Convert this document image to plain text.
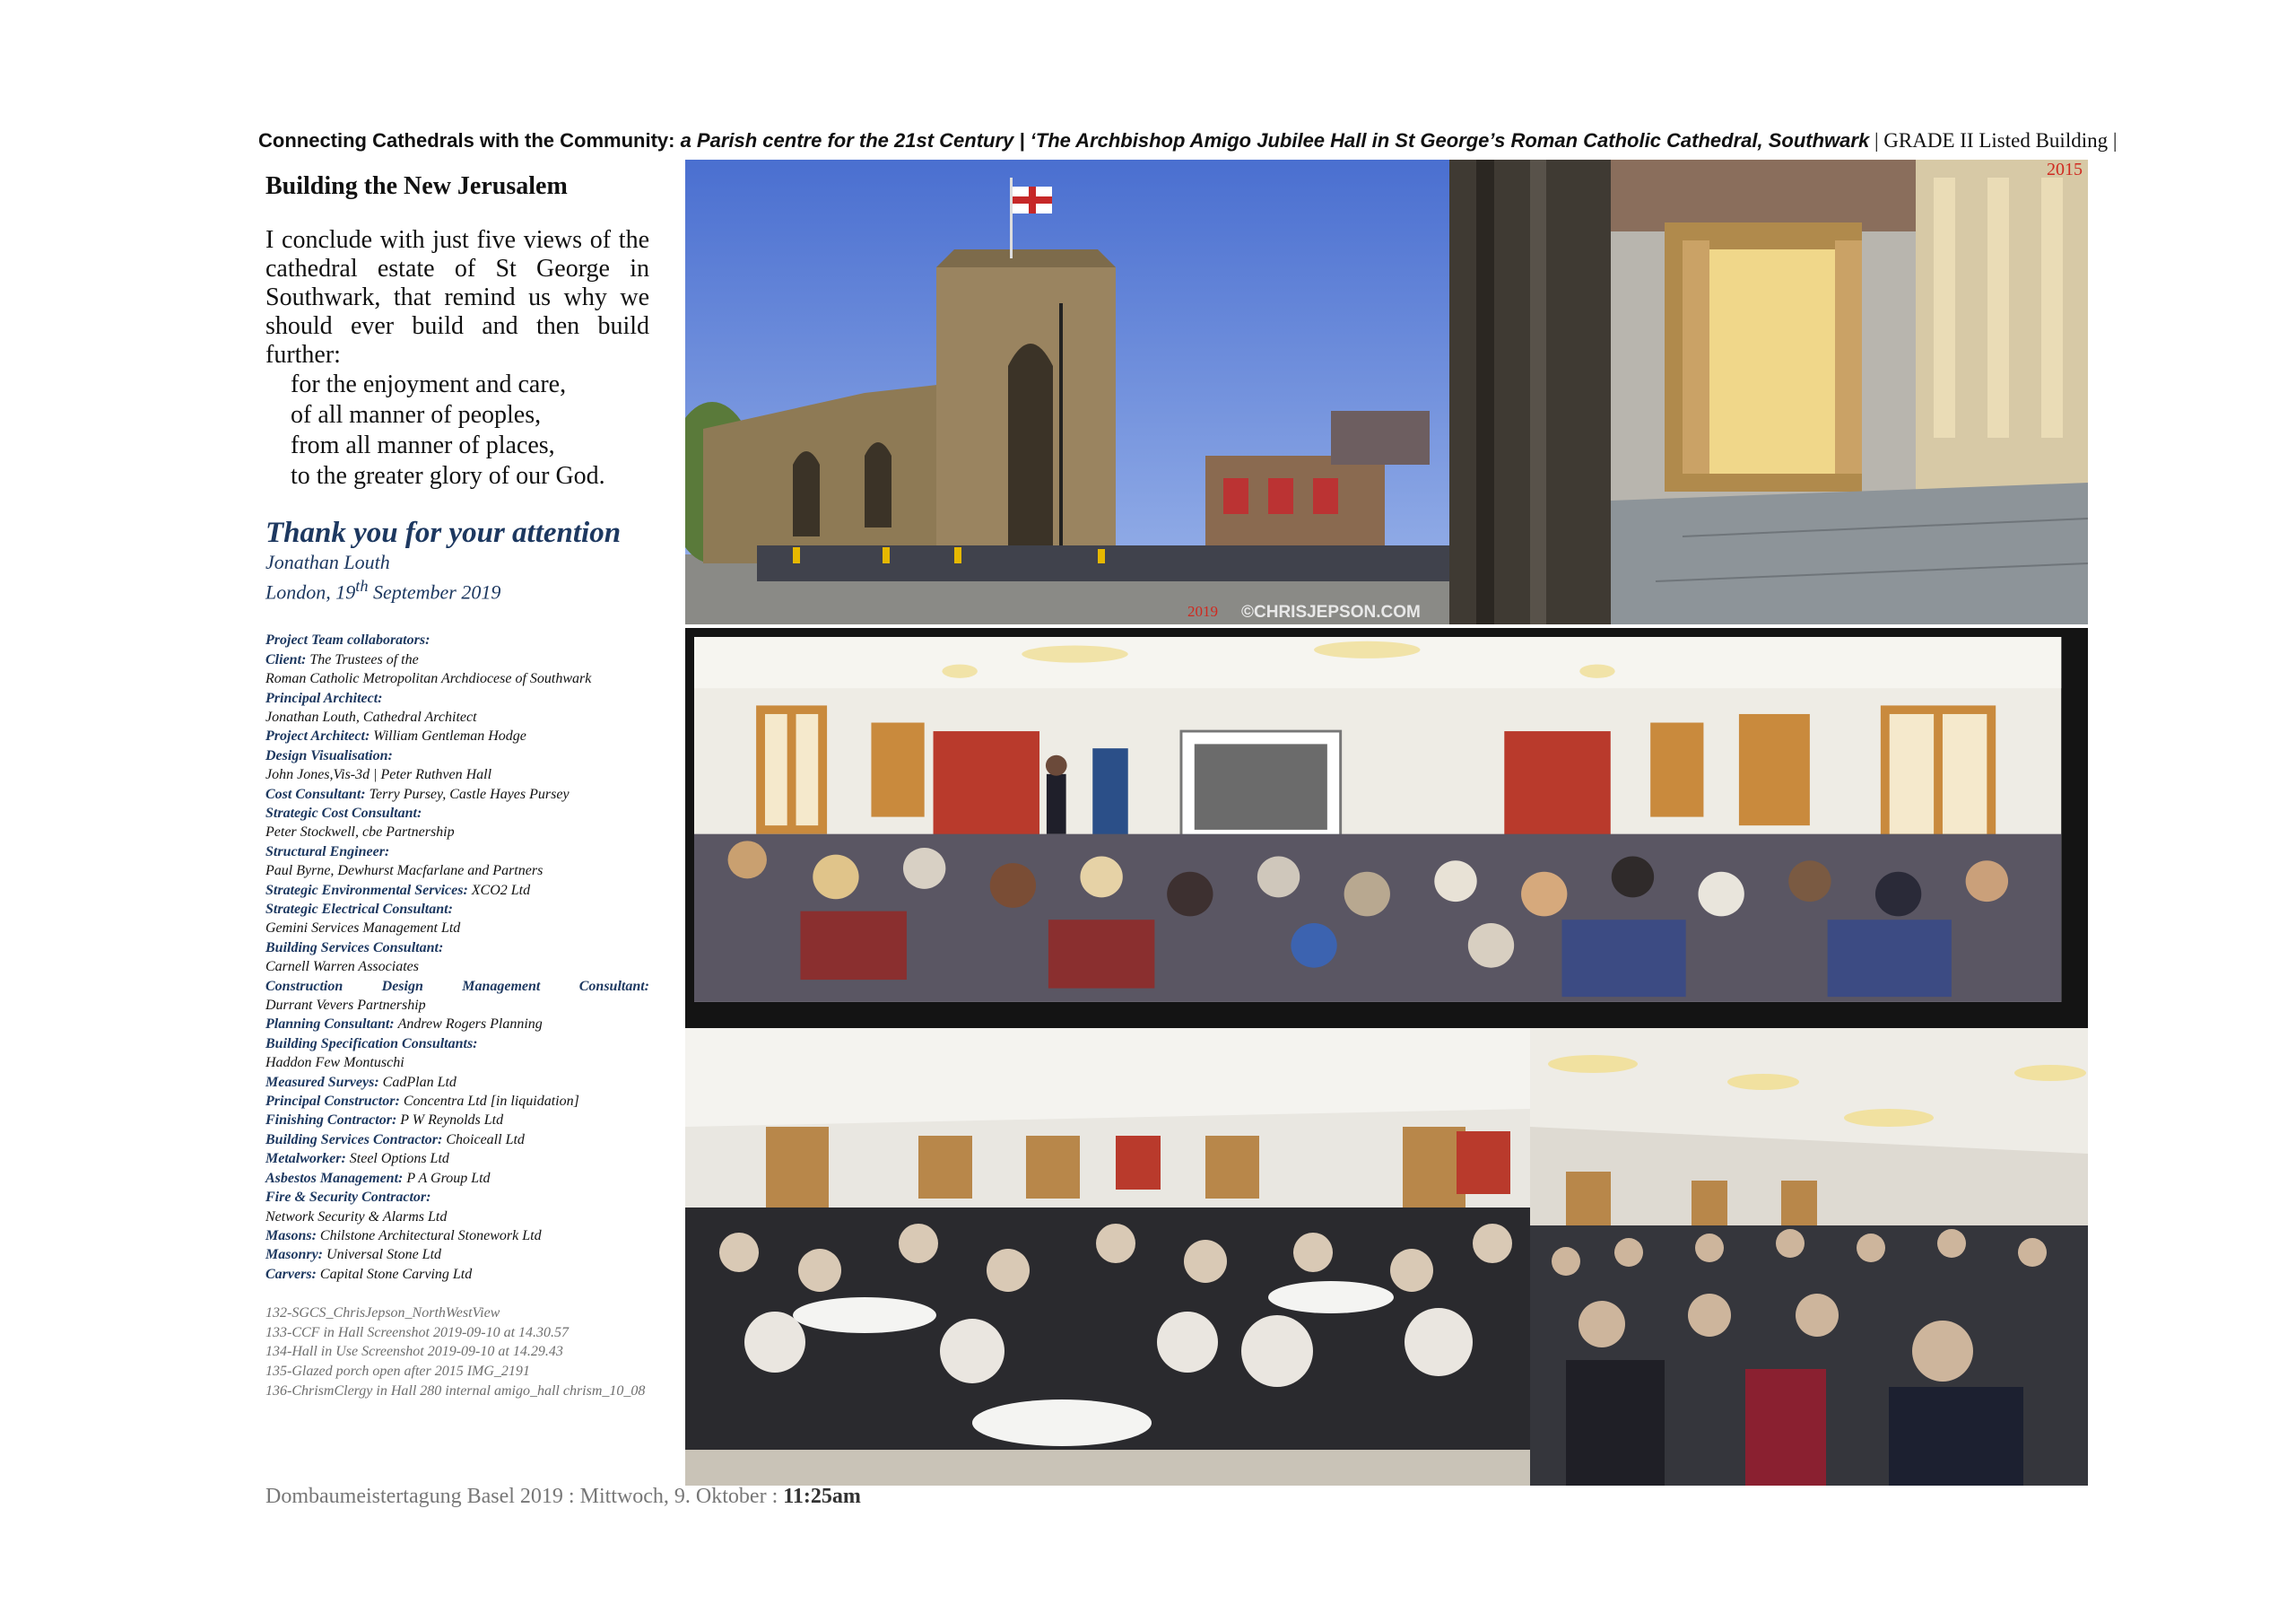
Connecting Cathedrals with the Community: a Parish centre for the 21st Century | ‘The Archbishop Amigo Jubilee Hall in St George’s Roman Catholic Cathedral, Southwark | GRADE II Listed Building |
Building the New Jerusalem

I conclude with just five views of the cathedral estate of St George in Southwark, that remind us why we should ever build and then build further:

for the enjoyment and care,
of all manner of peoples,
from all manner of places,
to the greater glory of our God.
Thank you for your attention
Jonathan Louth
London, 19th September 2019
Project Team collaborators:
Client: The Trustees of the
Roman Catholic Metropolitan Archdiocese of Southwark
Principal Architect:
Jonathan Louth, Cathedral Architect
Project Architect: William Gentleman Hodge
Design Visualisation:
John Jones,Vis-3d | Peter Ruthven Hall
Cost Consultant: Terry Pursey, Castle Hayes Pursey
Strategic Cost Consultant:
Peter Stockwell, cbe Partnership
Structural Engineer:
Paul Byrne, Dewhurst Macfarlane and Partners
Strategic Environmental Services: XCO2 Ltd
Strategic Electrical Consultant:
Gemini Services Management Ltd
Building Services Consultant:
Carnell Warren Associates
Construction Design Management Consultant:
Durrant Vevers Partnership
Planning Consultant: Andrew Rogers Planning
Building Specification Consultants:
Haddon Few Montuschi
Measured Surveys: CadPlan Ltd
Principal Constructor: Concentra Ltd [in liquidation]
Finishing Contractor: P W Reynolds Ltd
Building Services Contractor: Choiceall Ltd
Metalworker: Steel Options Ltd
Asbestos Management: P A Group Ltd
Fire & Security Contractor:
Network Security & Alarms Ltd
Masons: Chilstone Architectural Stonework Ltd
Masonry: Universal Stone Ltd
Carvers: Capital Stone Carving Ltd
132-SGCS_ChrisJepson_NorthWestView
133-CCF in Hall Screenshot 2019-09-10 at 14.30.57
134-Hall in Use Screenshot 2019-09-10 at 14.29.43
135-Glazed porch open after 2015 IMG_2191
136-ChrismClergy in Hall 280 internal amigo_hall chrism_10_08
2019 ©CHRISJEPSON.COM
2015
Dombaumeistertagung Basel 2019 : Mittwoch, 9. Oktober : 11:25am
